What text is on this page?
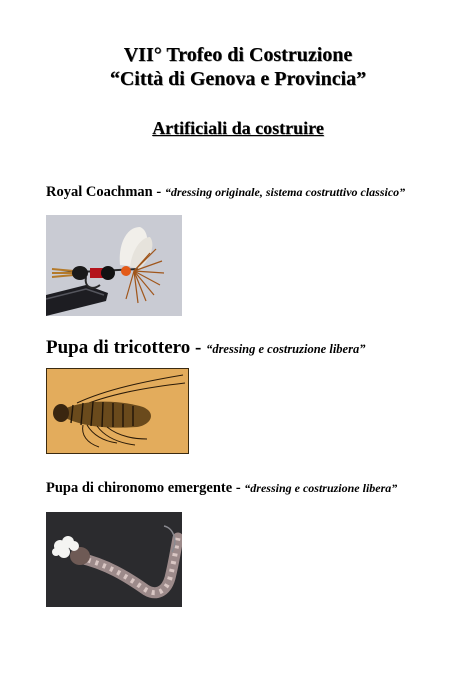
VII° Trofeo di Costruzione
“Città di Genova e Provincia”
Artificiali da costruire
Royal Coachman - “dressing originale, sistema costruttivo classico”
Pupa di tricottero - “dressing e costruzione libera”
Pupa di chironomo emergente - “dressing e costruzione libera”
